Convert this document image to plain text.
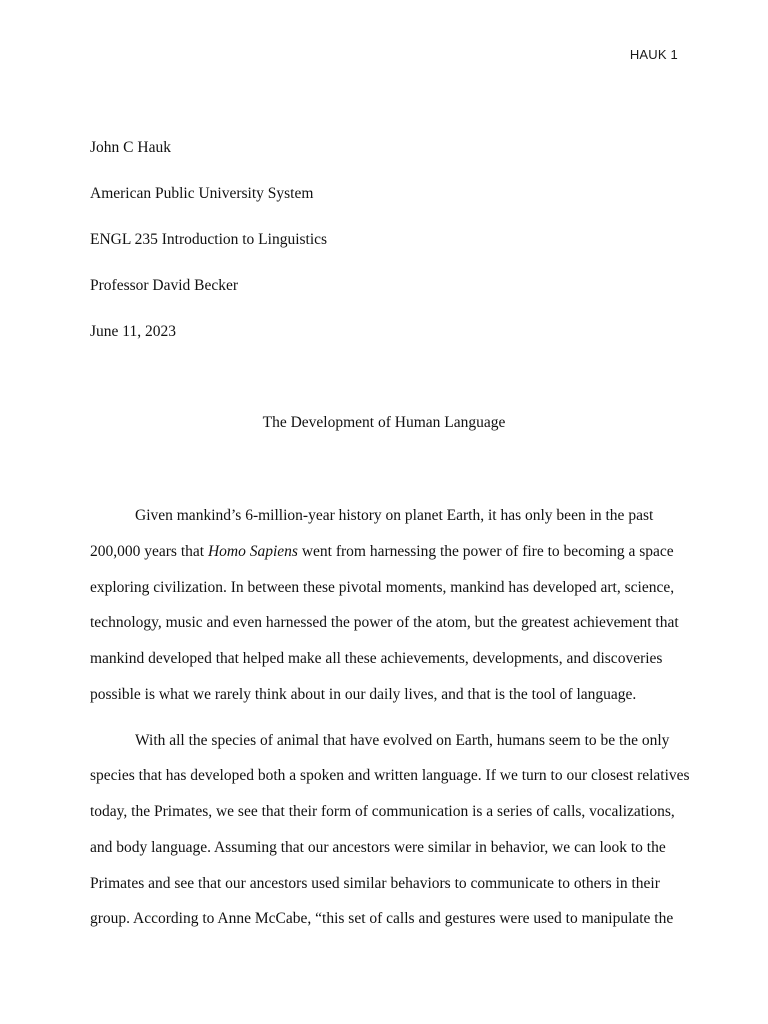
HAUK 1
John C Hauk
American Public University System
ENGL 235 Introduction to Linguistics
Professor David Becker
June 11, 2023
The Development of Human Language
Given mankind’s 6-million-year history on planet Earth, it has only been in the past
200,000 years that Homo Sapiens went from harnessing the power of fire to becoming a space
exploring civilization. In between these pivotal moments, mankind has developed art, science,
technology, music and even harnessed the power of the atom, but the greatest achievement that
mankind developed that helped make all these achievements, developments, and discoveries
possible is what we rarely think about in our daily lives, and that is the tool of language.
With all the species of animal that have evolved on Earth, humans seem to be the only
species that has developed both a spoken and written language. If we turn to our closest relatives
today, the Primates, we see that their form of communication is a series of calls, vocalizations,
and body language. Assuming that our ancestors were similar in behavior, we can look to the
Primates and see that our ancestors used similar behaviors to communicate to others in their
group. According to Anne McCabe, “this set of calls and gestures were used to manipulate the
